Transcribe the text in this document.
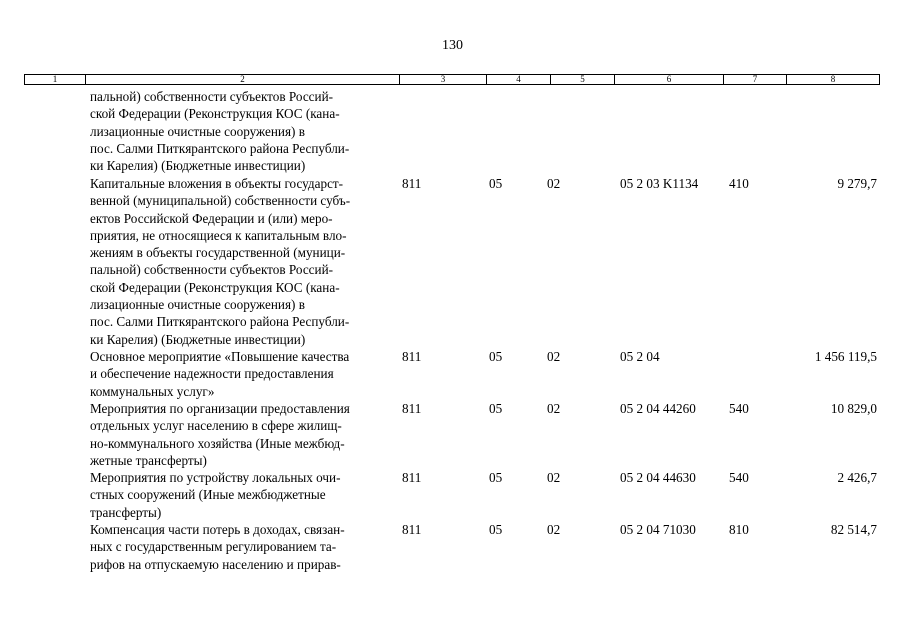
130
1	2	3	4	5	6	7	8
пальной) собственности субъектов Россий-
ской Федерации (Реконструкция КОС (кана-
лизационные очистные сооружения) в
пос. Салми Питкярантского района Республи-
ки Карелия) (Бюджетные инвестиции)
Капитальные вложения в объекты государст-
венной (муниципальной) собственности субъ-
ектов Российской Федерации и (или) меро-
приятия, не относящиеся к капитальным вло-
жениям в объекты государственной (муници-
пальной) собственности субъектов Россий-
ской Федерации (Реконструкция КОС (кана-
лизационные очистные сооружения) в
пос. Салми Питкярантского района Республи-
ки Карелия) (Бюджетные инвестиции)
811	05	02	05 2 03 K1134 410	9 279,7
Основное мероприятие «Повышение качества
и обеспечение надежности предоставления
коммунальных услуг»
811	05	02	05 2 04	1 456 119,5
Мероприятия по организации предоставления
отдельных услуг населению в сфере жилищ-
но-коммунального хозяйства (Иные межбюд-
жетные трансферты)
811	05	02	05 2 04 44260	540	10 829,0
Мероприятия по устройству локальных очи-
стных сооружений (Иные межбюджетные
трансферты)
811	05	02	05 2 04 44630	540	2 426,7
Компенсация части потерь в доходах, связан-
ных с государственным регулированием та-
рифов на отпускаемую населению и прирав-
811	05	02	05 2 04 71030	810	82 514,7
